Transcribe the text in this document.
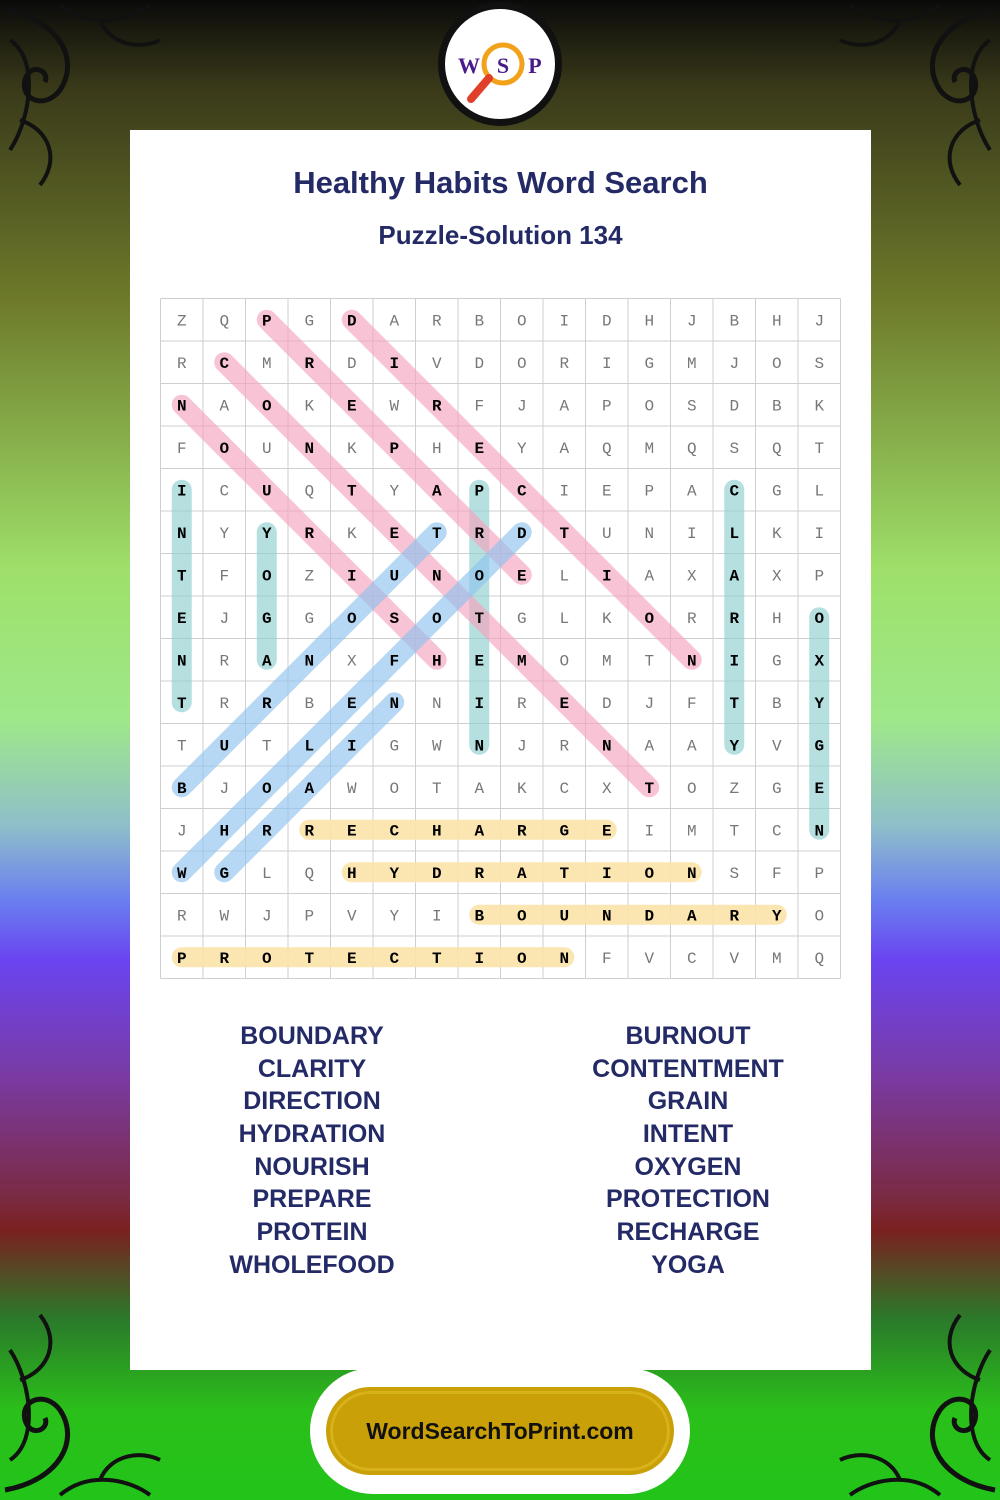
W S P
Healthy Habits Word Search
Puzzle-Solution 134
Z Q P G D A R B O I D H J B H J
R C M R D I V D O R I G M J O S
N A O K E W R F J A P O S D B K
F O U N K P H E Y A Q M Q S Q T
I C U Q T Y A P C I E P A C G L
N Y Y R K E T R D T U N I L K I
T F O Z I U N O E L I A X A X P
E J G G O S O T G L K O R R H O
N R A N X F H E M O M T N I G X
T R R B E N N I R E D J F T B Y
T U T L I G W N J R N A A Y V G
B J O A W O T A K C X T O Z G E
J H R R E C H A R G E I M T C N
W G L Q H Y D R A T I O N S F P
R W J P V Y I B O U N D A R Y O
P R O T E C T I O N F V C V M Q
BOUNDARY
CLARITY
DIRECTION
HYDRATION
NOURISH
PREPARE
PROTEIN
WHOLEFOOD
BURNOUT
CONTENTMENT
GRAIN
INTENT
OXYGEN
PROTECTION
RECHARGE
YOGA
WordSearchToPrint.com
